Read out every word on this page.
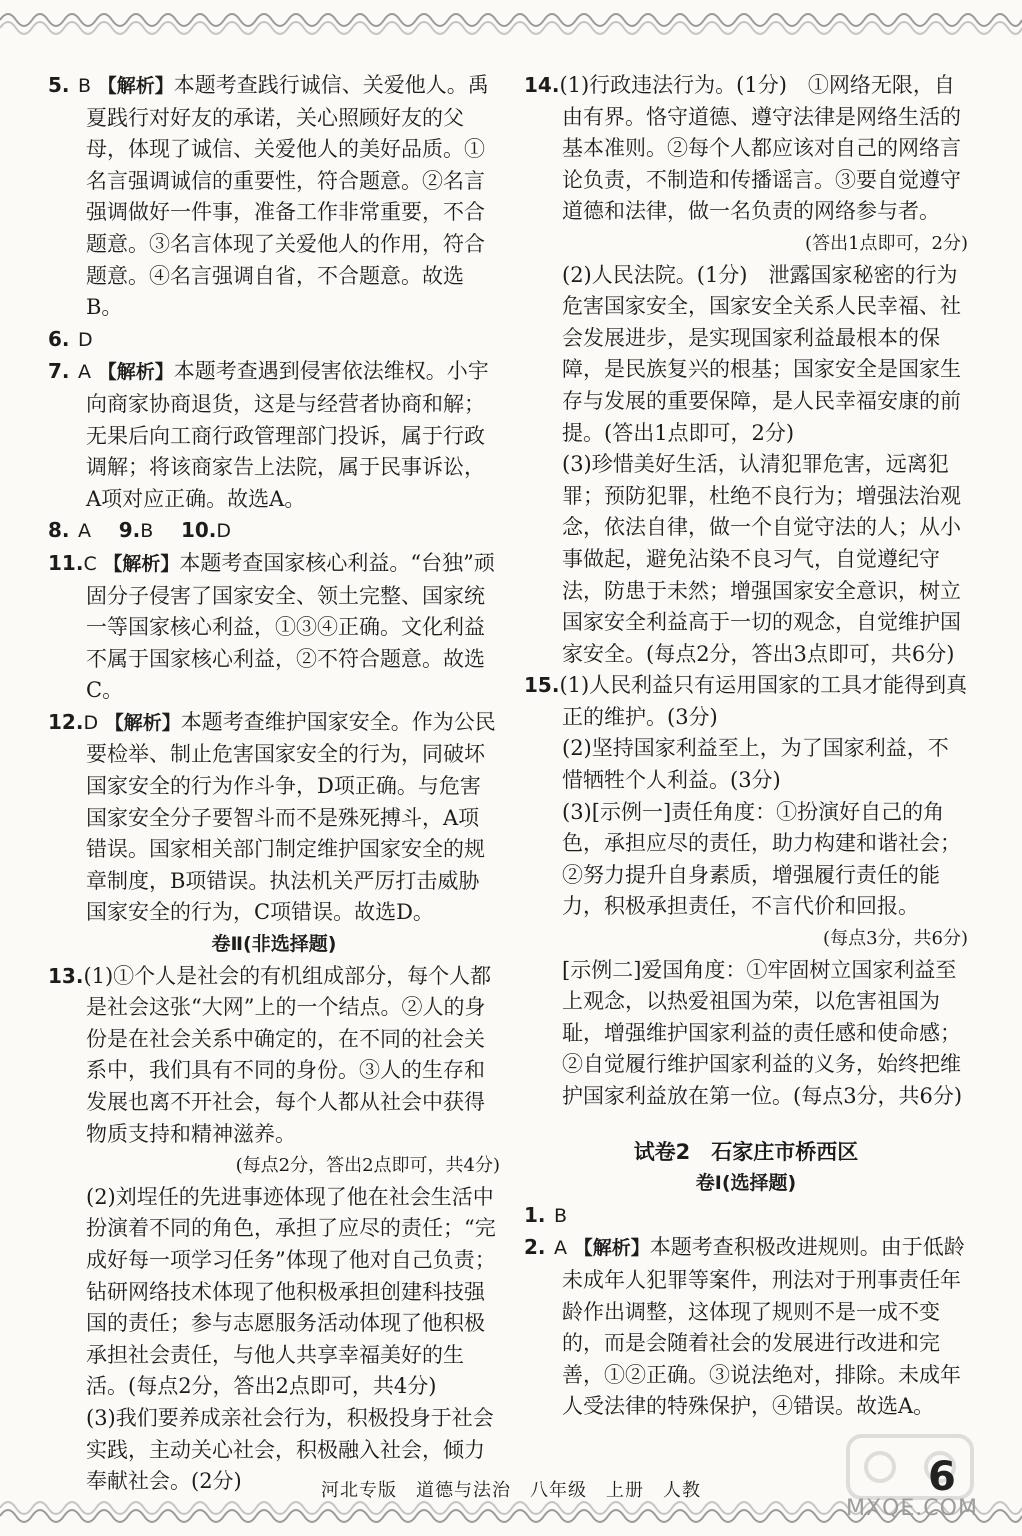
5. B 【解析】本题考查践行诚信、关爱他人。禹夏践行对好友的承诺，关心照顾好友的父母，体现了诚信、关爱他人的美好品质。①名言强调诚信的重要性，符合题意。②名言强调做好一件事，准备工作非常重要，不合题意。③名言体现了关爱他人的作用，符合题意。④名言强调自省，不合题意。故选B。

6. D

7. A 【解析】本题考查遇到侵害依法维权。小宇向商家协商退货，这是与经营者协商和解；无果后向工商行政管理部门投诉，属于行政调解；将该商家告上法院，属于民事诉讼，A项对应正确。故选A。

8. A　 9.B　 10.D

11.C 【解析】本题考查国家核心利益。“台独”顽固分子侵害了国家安全、领土完整、国家统一等国家核心利益，①③④正确。文化利益不属于国家核心利益，②不符合题意。故选C。

12.D 【解析】本题考查维护国家安全。作为公民要检举、制止危害国家安全的行为，同破坏国家安全的行为作斗争，D项正确。与危害国家安全分子要智斗而不是殊死搏斗，A项错误。国家相关部门制定维护国家安全的规章制度，B项错误。执法机关严厉打击威胁国家安全的行为，C项错误。故选D。

卷Ⅱ(非选择题)

13.(1)①个人是社会的有机组成部分，每个人都是社会这张“大网”上的一个结点。②人的身份是在社会关系中确定的，在不同的社会关系中，我们具有不同的身份。③人的生存和发展也离不开社会，每个人都从社会中获得物质支持和精神滋养。

(每点2分，答出2点即可，共4分)

(2)刘埕任的先进事迹体现了他在社会生活中扮演着不同的角色，承担了应尽的责任；“完成好每一项学习任务”体现了他对自己负责；钻研网络技术体现了他积极承担创建科技强国的责任；参与志愿服务活动体现了他积极承担社会责任，与他人共享幸福美好的生活。(每点2分，答出2点即可，共4分)

(3)我们要养成亲社会行为，积极投身于社会实践，主动关心社会，积极融入社会，倾力奉献社会。(2分)

14.(1)行政违法行为。(1分)　①网络无限，自由有界。恪守道德、遵守法律是网络生活的基本准则。②每个人都应该对自己的网络言论负责，不制造和传播谣言。③要自觉遵守道德和法律，做一名负责的网络参与者。

(答出1点即可，2分)

(2)人民法院。(1分)　泄露国家秘密的行为危害国家安全，国家安全关系人民幸福、社会发展进步，是实现国家利益最根本的保障，是民族复兴的根基；国家安全是国家生存与发展的重要保障，是人民幸福安康的前提。(答出1点即可，2分)

(3)珍惜美好生活，认清犯罪危害，远离犯罪；预防犯罪，杜绝不良行为；增强法治观念，依法自律，做一个自觉守法的人；从小事做起，避免沾染不良习气，自觉遵纪守法，防患于未然；增强国家安全意识，树立国家安全利益高于一切的观念，自觉维护国家安全。(每点2分，答出3点即可，共6分)

15.(1)人民利益只有运用国家的工具才能得到真正的维护。(3分)

(2)坚持国家利益至上，为了国家利益，不惜牺牲个人利益。(3分)

(3)[示例一]责任角度：①扮演好自己的角色，承担应尽的责任，助力构建和谐社会；②努力提升自身素质，增强履行责任的能力，积极承担责任，不言代价和回报。

(每点3分，共6分)

[示例二]爱国角度：①牢固树立国家利益至上观念，以热爱祖国为荣，以危害祖国为耻，增强维护国家利益的责任感和使命感；②自觉履行维护国家利益的义务，始终把维护国家利益放在第一位。(每点3分，共6分)

试卷2　石家庄市桥西区

卷Ⅰ(选择题)

1. B

2. A 【解析】本题考查积极改进规则。由于低龄未成年人犯罪等案件，刑法对于刑事责任年龄作出调整，这体现了规则不是一成不变的，而是会随着社会的发展进行改进和完善，①②正确。③说法绝对，排除。未成年人受法律的特殊保护，④错误。故选A。

MXQE.COM
河北专版　道德与法治　八年级　上册　人教	6
